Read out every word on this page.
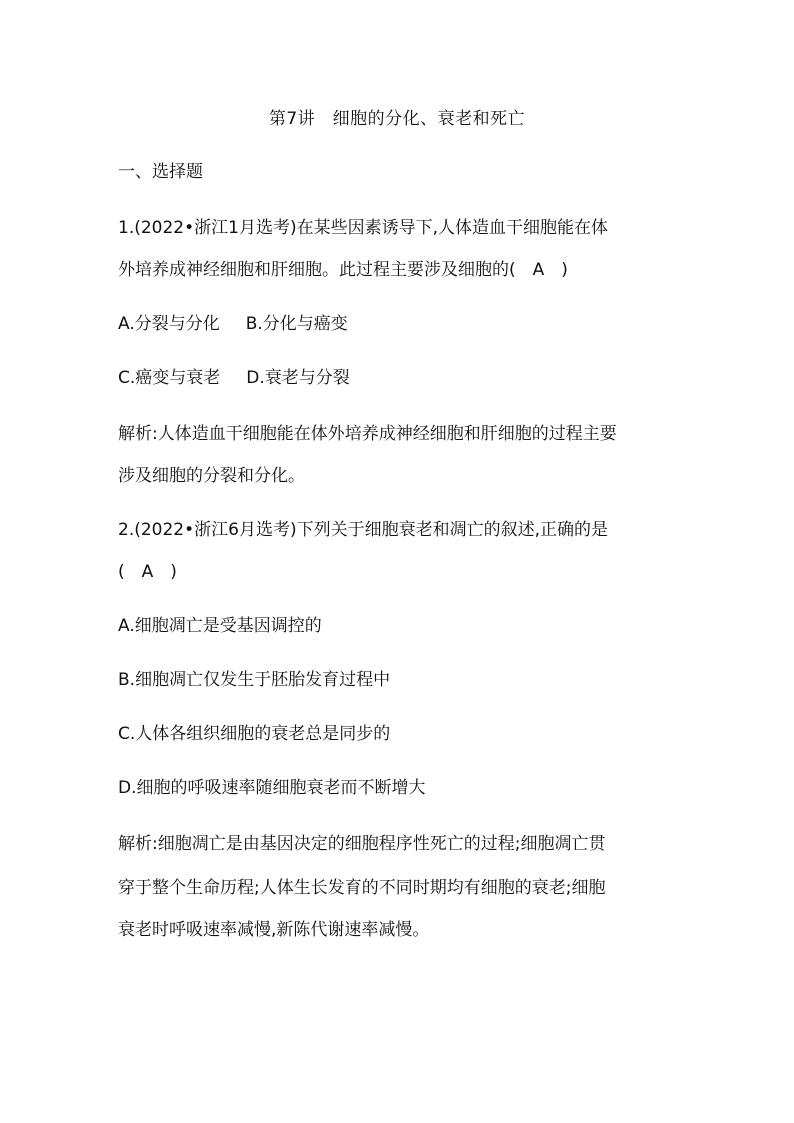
第7讲　细胞的分化、衰老和死亡
一、选择题
1.(2022•浙江1月选考)在某些因素诱导下,人体造血干细胞能在体
外培养成神经细胞和肝细胞。此过程主要涉及细胞的(　A　)
A.分裂与分化 B.分化与癌变
C.癌变与衰老 D.衰老与分裂
解析:人体造血干细胞能在体外培养成神经细胞和肝细胞的过程主要
涉及细胞的分裂和分化。
2.(2022•浙江6月选考)下列关于细胞衰老和凋亡的叙述,正确的是
(　A　)
A.细胞凋亡是受基因调控的
B.细胞凋亡仅发生于胚胎发育过程中
C.人体各组织细胞的衰老总是同步的
D.细胞的呼吸速率随细胞衰老而不断增大
解析:细胞凋亡是由基因决定的细胞程序性死亡的过程;细胞凋亡贯
穿于整个生命历程;人体生长发育的不同时期均有细胞的衰老;细胞
衰老时呼吸速率减慢,新陈代谢速率减慢。
